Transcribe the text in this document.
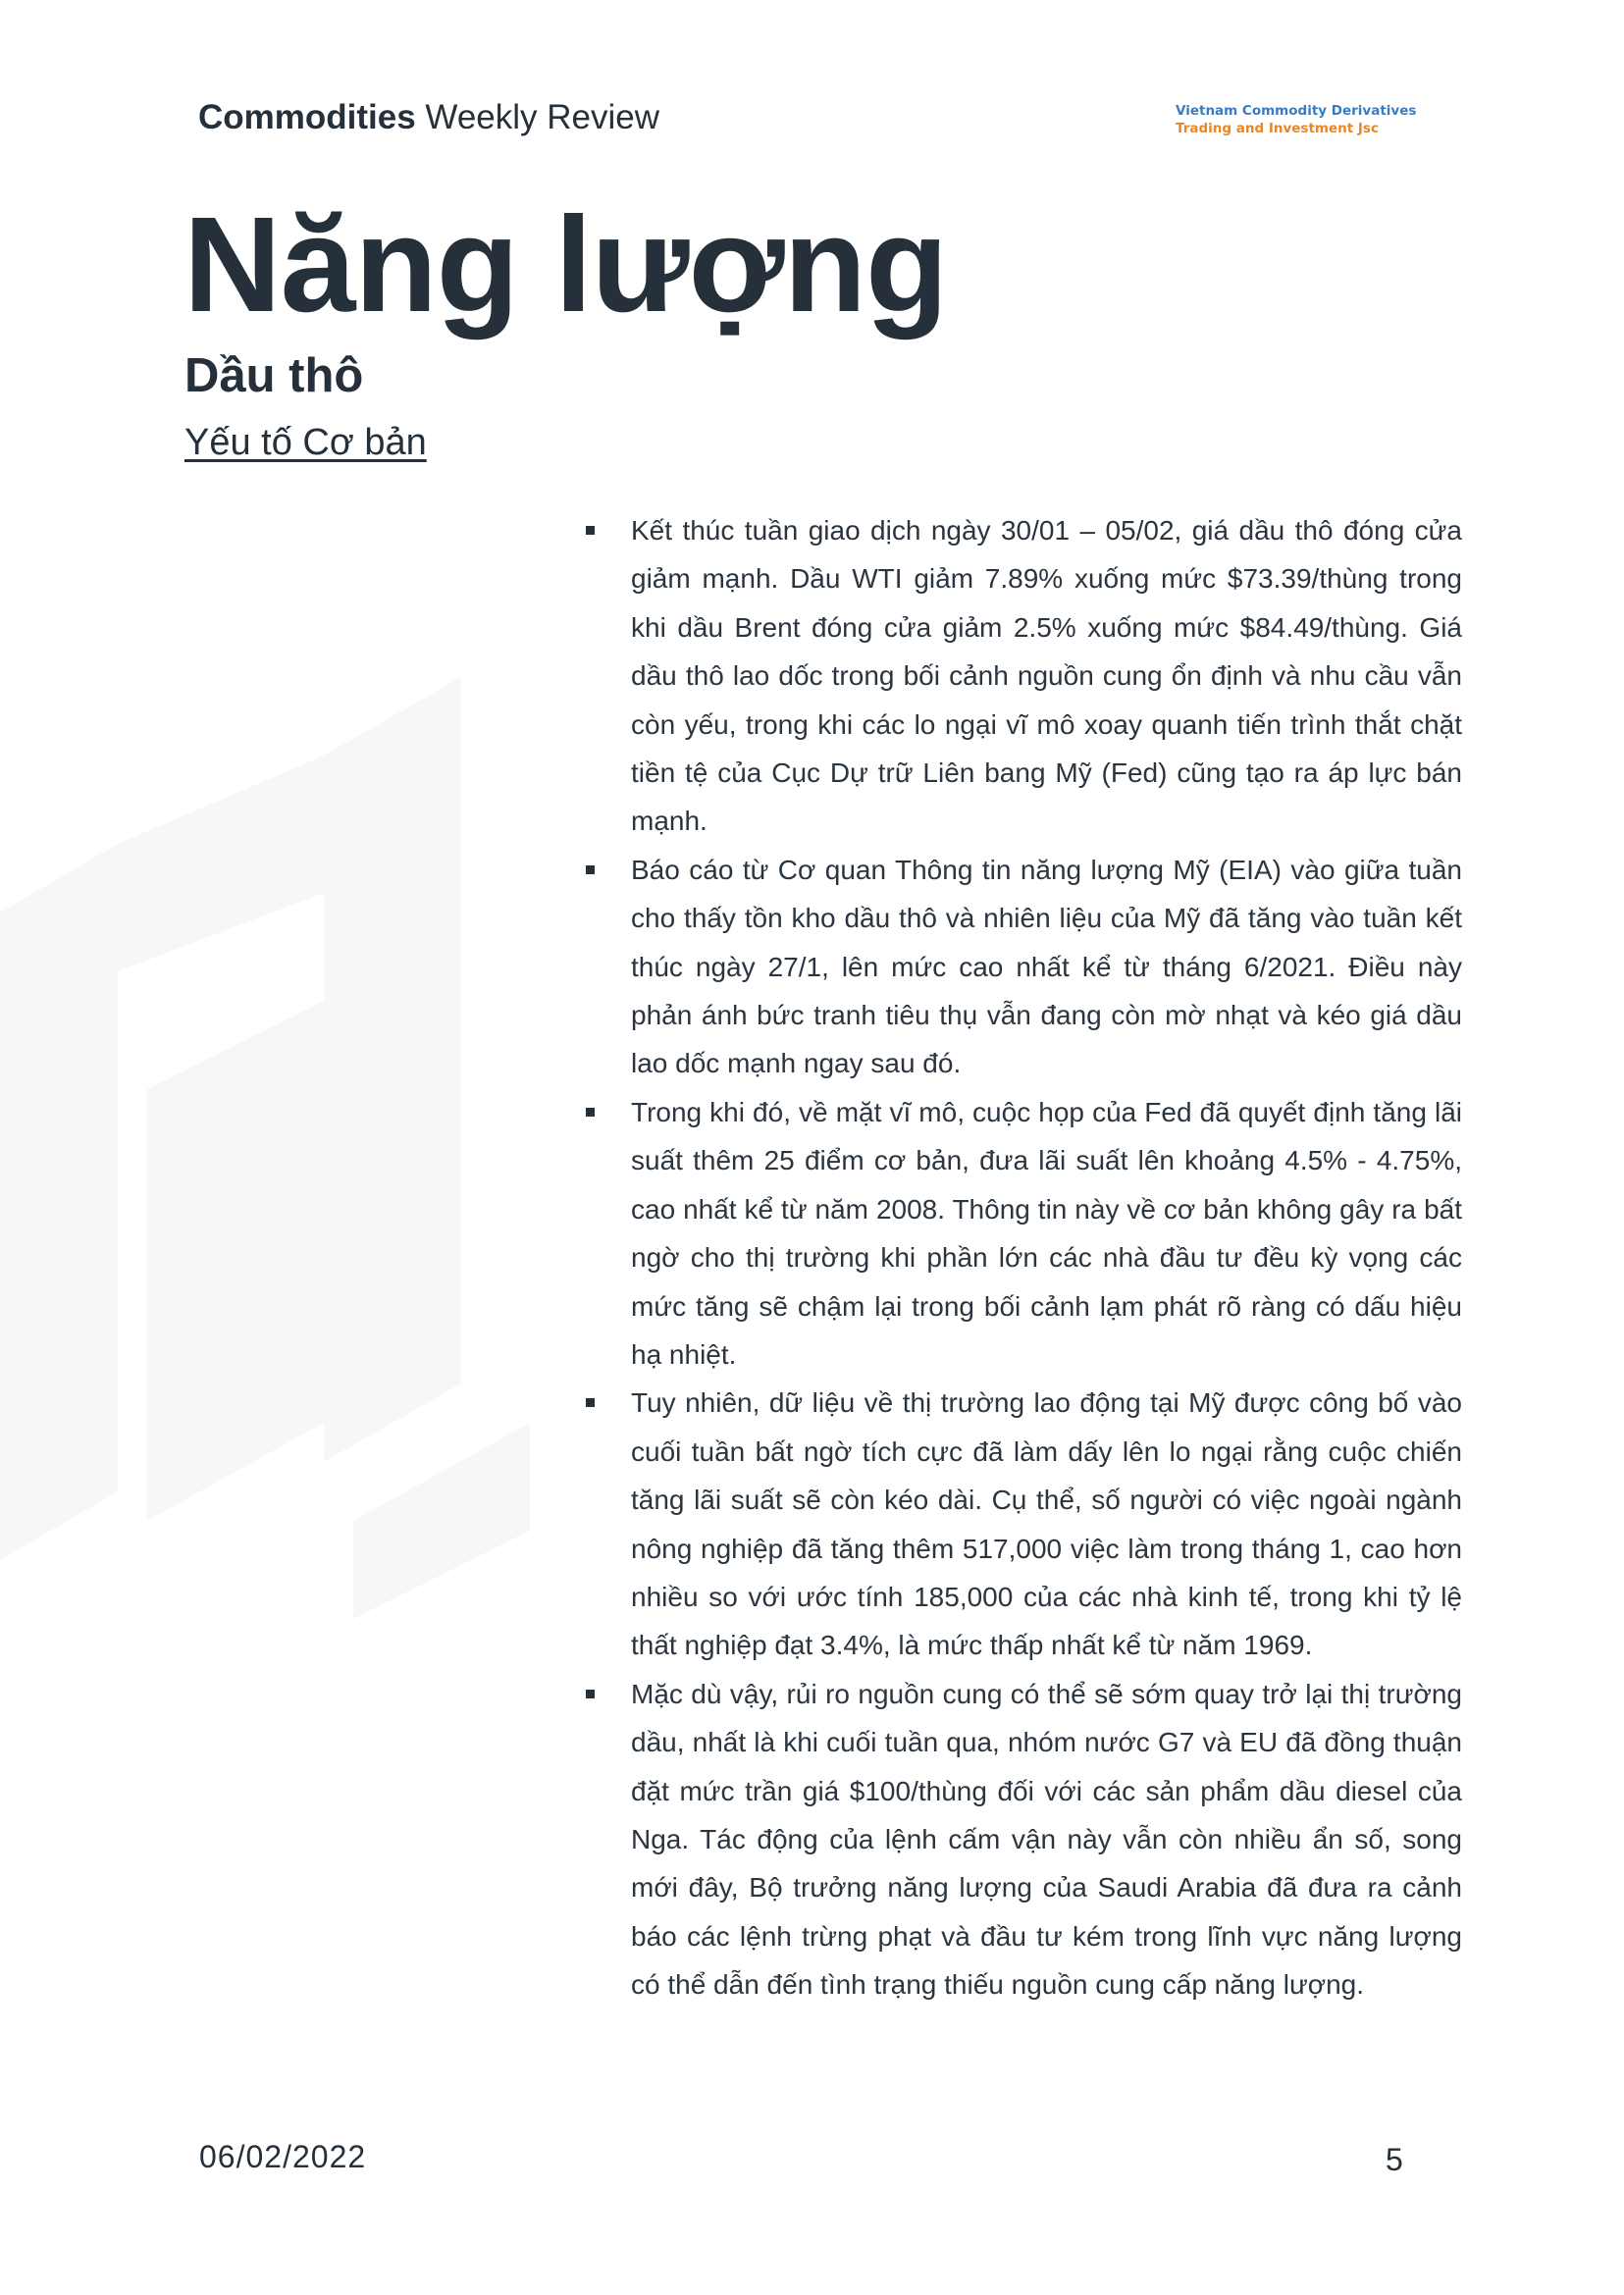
Commodities Weekly Review	Vietnam Commodity Derivatives
Trading and Investment Jsc
Năng lượng
Dầu thô
Yếu tố Cơ bản
Kết thúc tuần giao dịch ngày 30/01 – 05/02, giá dầu thô đóng cửa giảm mạnh. Dầu WTI giảm 7.89% xuống mức $73.39/thùng trong khi dầu Brent đóng cửa giảm 2.5% xuống mức $84.49/thùng. Giá dầu thô lao dốc trong bối cảnh nguồn cung ổn định và nhu cầu vẫn còn yếu, trong khi các lo ngại vĩ mô xoay quanh tiến trình thắt chặt tiền tệ của Cục Dự trữ Liên bang Mỹ (Fed) cũng tạo ra áp lực bán mạnh.
Báo cáo từ Cơ quan Thông tin năng lượng Mỹ (EIA) vào giữa tuần cho thấy tồn kho dầu thô và nhiên liệu của Mỹ đã tăng vào tuần kết thúc ngày 27/1, lên mức cao nhất kể từ tháng 6/2021. Điều này phản ánh bức tranh tiêu thụ vẫn đang còn mờ nhạt và kéo giá dầu lao dốc mạnh ngay sau đó.
Trong khi đó, về mặt vĩ mô, cuộc họp của Fed đã quyết định tăng lãi suất thêm 25 điểm cơ bản, đưa lãi suất lên khoảng 4.5% - 4.75%, cao nhất kể từ năm 2008. Thông tin này về cơ bản không gây ra bất ngờ cho thị trường khi phần lớn các nhà đầu tư đều kỳ vọng các mức tăng sẽ chậm lại trong bối cảnh lạm phát rõ ràng có dấu hiệu hạ nhiệt.
Tuy nhiên, dữ liệu về thị trường lao động tại Mỹ được công bố vào cuối tuần bất ngờ tích cực đã làm dấy lên lo ngại rằng cuộc chiến tăng lãi suất sẽ còn kéo dài. Cụ thể, số người có việc ngoài ngành nông nghiệp đã tăng thêm 517,000 việc làm trong tháng 1, cao hơn nhiều so với ước tính 185,000 của các nhà kinh tế, trong khi tỷ lệ thất nghiệp đạt 3.4%, là mức thấp nhất kể từ năm 1969.
Mặc dù vậy, rủi ro nguồn cung có thể sẽ sớm quay trở lại thị trường dầu, nhất là khi cuối tuần qua, nhóm nước G7 và EU đã đồng thuận đặt mức trần giá $100/thùng đối với các sản phẩm dầu diesel của Nga. Tác động của lệnh cấm vận này vẫn còn nhiều ẩn số, song mới đây, Bộ trưởng năng lượng của Saudi Arabia đã đưa ra cảnh báo các lệnh trừng phạt và đầu tư kém trong lĩnh vực năng lượng có thể dẫn đến tình trạng thiếu nguồn cung cấp năng lượng.
06/02/2022	5
